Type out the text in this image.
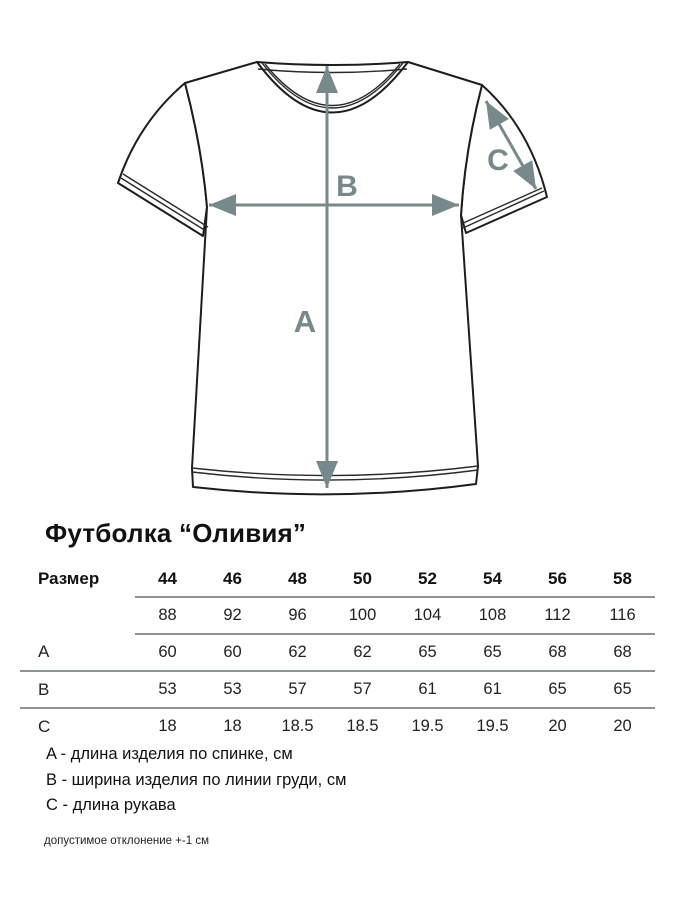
A
B
C
Футболка “Оливия”
Размер	44	46	48	50	52	54	56	58
	88	92	96	100	104	108	112	116
A	60	60	62	62	65	65	68	68
B	53	53	57	57	61	61	65	65
C	18	18	18.5	18.5	19.5	19.5	20	20
A - длина изделия по спинке, см
B - ширина изделия по линии груди, см
C - длина рукава
допустимое отклонение +-1 см
